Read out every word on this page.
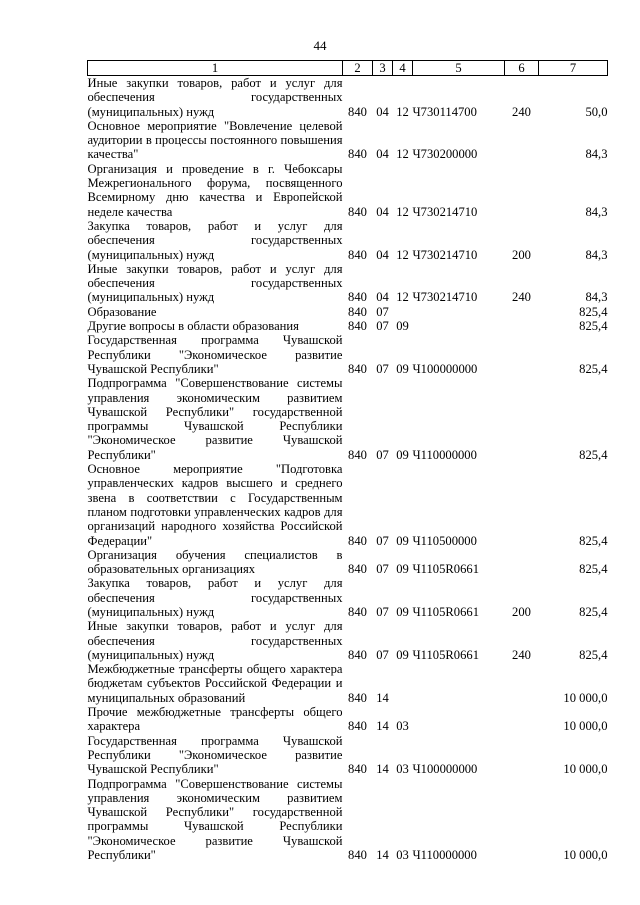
44
1	2	3	4	5	6	7
Иные закупки товаров, работ и услуг для обеспечения государственных (муниципальных) нужд	840	04	12	Ч730114700	240	50,0
Основное мероприятие "Вовлечение целевой аудитории в процессы постоянного повышения качества"	840	04	12	Ч730200000		84,3
Организация и проведение в г. Чебоксары Межрегионального форума, посвященного Всемирному дню качества и Европейской неделе качества	840	04	12	Ч730214710		84,3
Закупка товаров, работ и услуг для обеспечения государственных (муниципальных) нужд	840	04	12	Ч730214710	200	84,3
Иные закупки товаров, работ и услуг для обеспечения государственных (муниципальных) нужд	840	04	12	Ч730214710	240	84,3
Образование	840	07				825,4
Другие вопросы в области образования	840	07	09			825,4
Государственная программа Чувашской Республики "Экономическое развитие Чувашской Республики"	840	07	09	Ч100000000		825,4
Подпрограмма "Совершенствование системы управления экономическим развитием Чувашской Республики" государственной программы Чувашской Республики "Экономическое развитие Чувашской Республики"	840	07	09	Ч110000000		825,4
Основное мероприятие "Подготовка управленческих кадров высшего и среднего звена в соответствии с Государственным планом подготовки управленческих кадров для организаций народного хозяйства Российской Федерации"	840	07	09	Ч110500000		825,4
Организация обучения специалистов в образовательных организациях	840	07	09	Ч1105R0661		825,4
Закупка товаров, работ и услуг для обеспечения государственных (муниципальных) нужд	840	07	09	Ч1105R0661	200	825,4
Иные закупки товаров, работ и услуг для обеспечения государственных (муниципальных) нужд	840	07	09	Ч1105R0661	240	825,4
Межбюджетные трансферты общего характера бюджетам субъектов Российской Федерации и муниципальных образований	840	14				10 000,0
Прочие межбюджетные трансферты общего характера	840	14	03			10 000,0
Государственная программа Чувашской Республики "Экономическое развитие Чувашской Республики"	840	14	03	Ч100000000		10 000,0
Подпрограмма "Совершенствование системы управления экономическим развитием Чувашской Республики" государственной программы Чувашской Республики "Экономическое развитие Чувашской Республики"	840	14	03	Ч110000000		10 000,0
